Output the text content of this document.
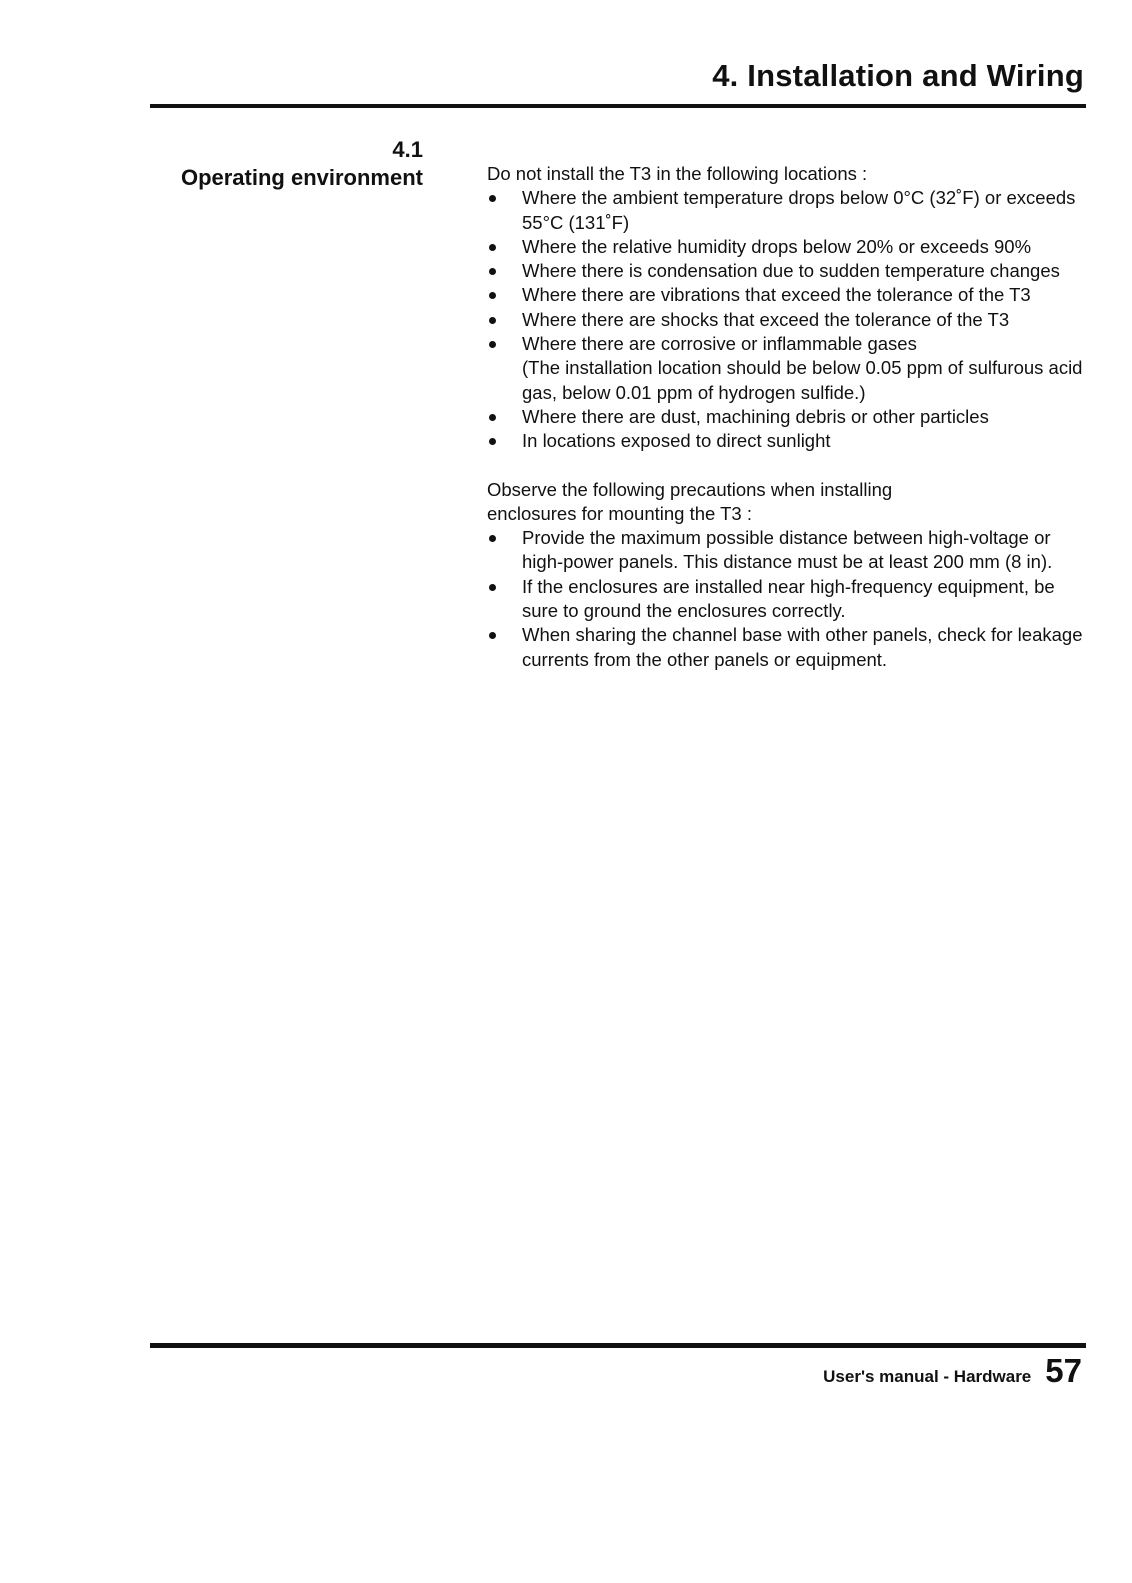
4. Installation and Wiring
4.1
Operating environment	Do not install the T3 in the following locations :

Where the ambient temperature drops below 0°C (32˚F) or exceeds 55°C (131˚F)
Where the relative humidity drops below 20% or exceeds 90%
Where there is condensation due to sudden temperature changes
Where there are vibrations that exceed the tolerance of the T3
Where there are shocks that exceed the tolerance of the T3
Where there are corrosive or inflammable gases
(The installation location should be below 0.05 ppm of sulfurous acid gas, below 0.01 ppm of hydrogen sulfide.)
Where there are dust, machining debris or other particles
In locations exposed to direct sunlight

Observe the following precautions when installing enclosures for mounting the T3 :

Provide the maximum possible distance between high-voltage or high-power panels. This distance must be at least 200 mm (8 in).
If the enclosures are installed near high-frequency equipment, be sure to ground the enclosures correctly.
When sharing the channel base with other panels, check for leakage currents from the other panels or equipment.
User's manual - Hardware 57
